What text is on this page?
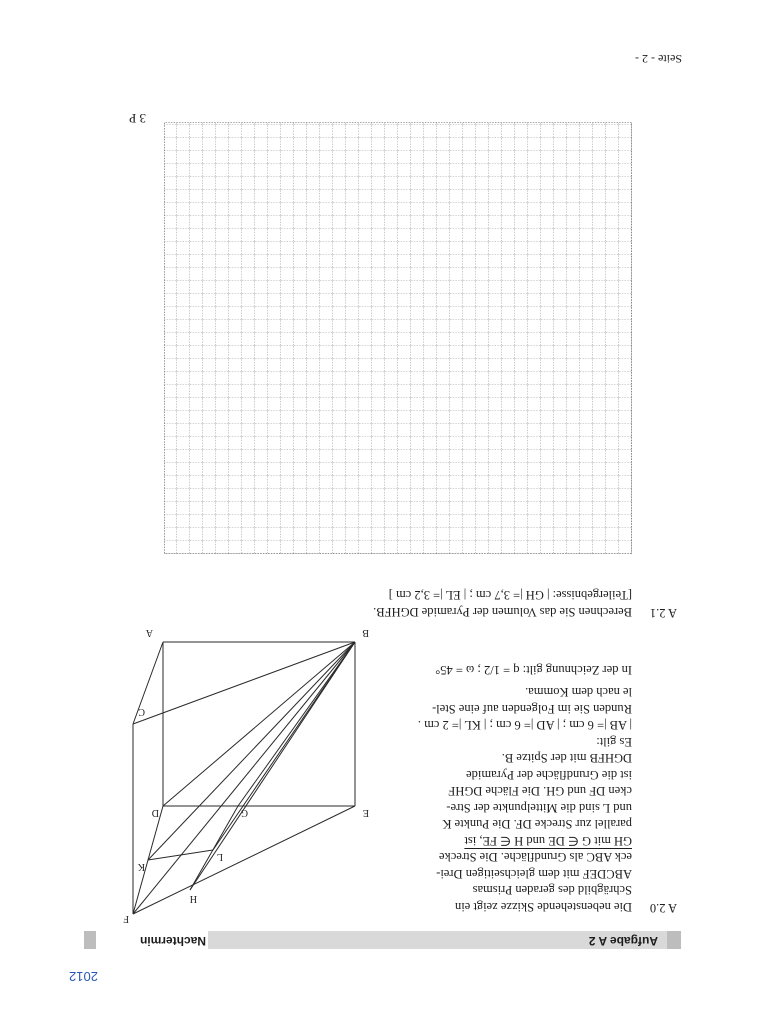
2012
Aufgabe A 2
Nachtermin
A 2.0
Die nebenstehende Skizze zeigt ein
Schrägbild des geraden Prismas
ABCDEF mit dem gleichseitigen Drei-
eck ABC als Grundfläche. Die Strecke
GH mit G ∈ DE und H ∈ FE, ist
parallel zur Strecke DF. Die Punkte K
und L sind die Mittelpunkte der Stre-
cken DF und GH. Die Fläche DGHF
ist die Grundfläche der Pyramide
DGHFB mit der Spitze B.
Es gilt:
| AB |= 6 cm ; | AD |= 6 cm ; | KL |= 2 cm .
Runden Sie im Folgenden auf eine Stel-
le nach dem Komma.
In der Zeichnung gilt: q = 1/2 ; ω = 45°
A	B
C
D	E
F
G
H
K
L
A 2.1
Berechnen Sie das Volumen der Pyramide DGHFB.
[Teilergebnisse: | GH |= 3,7 cm ; | EL |= 3,2 cm ]
3 P
Seite - 2 -
